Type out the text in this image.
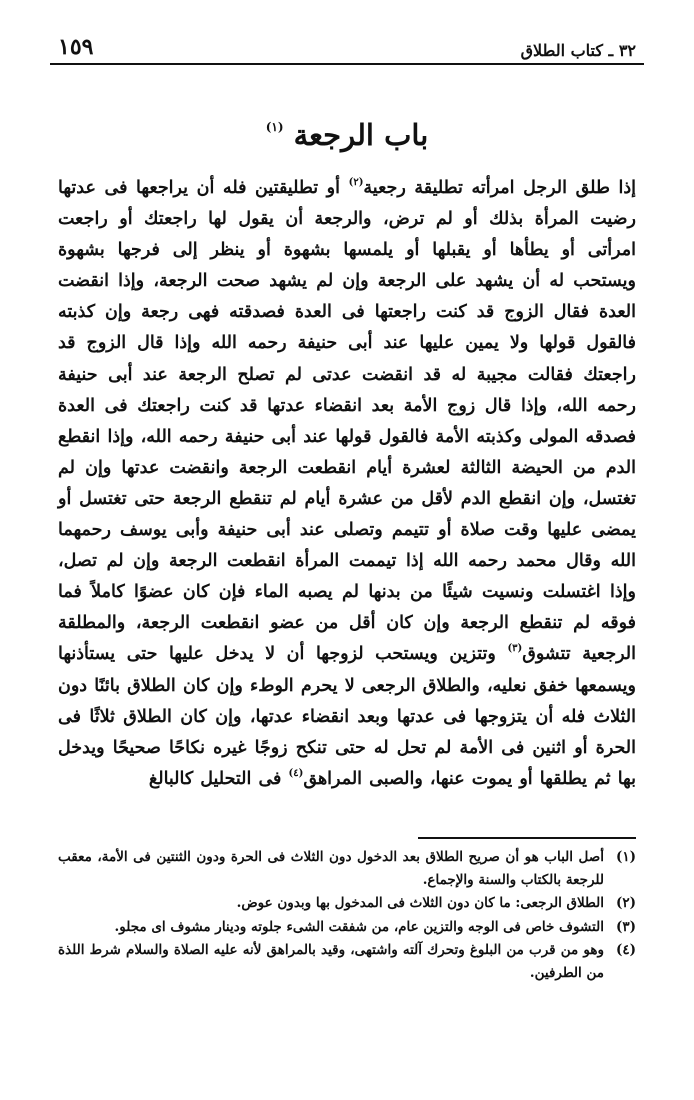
٣٢ ـ كتاب الطلاق
١٥٩
باب الرجعة $^{(١)}$

إذا طلق الرجل امرأته تطليقة رجعية$^{(٢)}$ أو تطليقتين فله أن يراجعها فى عدتها رضيت المرأة بذلك أو لم ترض، والرجعة أن يقول لها راجعتك أو راجعت امرأتى أو يطأها أو يقبلها أو يلمسها بشهوة أو ينظر إلى فرجها بشهوة ويستحب له أن يشهد على الرجعة وإن لم يشهد صحت الرجعة، وإذا انقضت العدة فقال الزوج قد كنت راجعتها فى العدة فصدقته فهى رجعة وإن كذبته فالقول قولها ولا يمين عليها عند أبى حنيفة رحمه الله وإذا قال الزوج قد راجعتك فقالت مجيبة له قد انقضت عدتى لم تصلح الرجعة عند أبى حنيفة رحمه الله، وإذا قال زوج الأمة بعد انقضاء عدتها قد كنت راجعتك فى العدة فصدقه المولى وكذبته الأمة فالقول قولها عند أبى حنيفة رحمه الله، وإذا انقطع الدم من الحيضة الثالثة لعشرة أيام انقطعت الرجعة وانقضت عدتها وإن لم تغتسل، وإن انقطع الدم لأقل من عشرة أيام لم تنقطع الرجعة حتى تغتسل أو يمضى عليها وقت صلاة أو تتيمم وتصلى عند أبى حنيفة وأبى يوسف رحمهما الله وقال محمد رحمه الله إذا تيممت المرأة انقطعت الرجعة وإن لم تصل، وإذا اغتسلت ونسيت شيئًا من بدنها لم يصبه الماء فإن كان عضوًا كاملاً فما فوقه لم تنقطع الرجعة وإن كان أقل من عضو انقطعت الرجعة، والمطلقة الرجعية تتشوق$^{(٣)}$ وتتزين ويستحب لزوجها أن لا يدخل عليها حتى يستأذنها ويسمعها خفق نعليه، والطلاق الرجعى لا يحرم الوطء وإن كان الطلاق بائنًا دون الثلاث فله أن يتزوجها فى عدتها وبعد انقضاء عدتها، وإن كان الطلاق ثلاثًا فى الحرة أو اثنين فى الأمة لم تحل له حتى تنكح زوجًا غيره نكاحًا صحيحًا ويدخل بها ثم يطلقها أو يموت عنها، والصبى المراهق$^{(٤)}$ فى التحليل كالبالغ

(١)
أصل الباب هو أن صريح الطلاق بعد الدخول دون الثلاث فى الحرة ودون الثنتين فى الأمة، معقب للرجعة بالكتاب والسنة والإجماع.
(٢)
الطلاق الرجعى: ما كان دون الثلاث فى المدخول بها وبدون عوض.
(٣)
التشوف خاص فى الوجه والتزين عام، من شفقت الشىء جلوته ودينار مشوف اى مجلو.
(٤)
وهو من قرب من البلوغ وتحرك آلته واشتهى، وقيد بالمراهق لأنه عليه الصلاة والسلام شرط اللذة من الطرفين.
